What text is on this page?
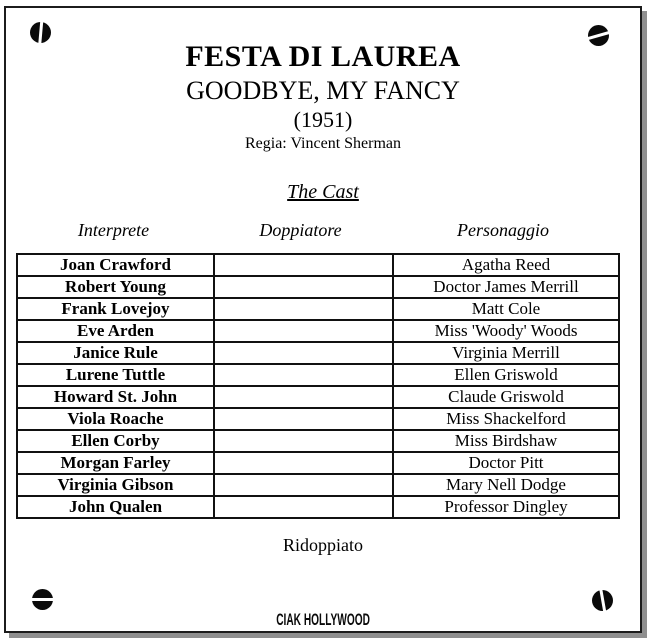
FESTA DI LAUREA
GOODBYE, MY FANCY
(1951)
Regia: Vincent Sherman
The Cast
Interprete	Doppiatore	Personaggio
Joan Crawford		Agatha Reed
Robert Young		Doctor James Merrill
Frank Lovejoy		Matt Cole
Eve Arden		Miss 'Woody' Woods
Janice Rule		Virginia Merrill
Lurene Tuttle		Ellen Griswold
Howard St. John		Claude Griswold
Viola Roache		Miss Shackelford
Ellen Corby		Miss Birdshaw
Morgan Farley		Doctor Pitt
Virginia Gibson		Mary Nell Dodge
John Qualen		Professor Dingley
Ridoppiato
CIAK HOLLYWOOD
